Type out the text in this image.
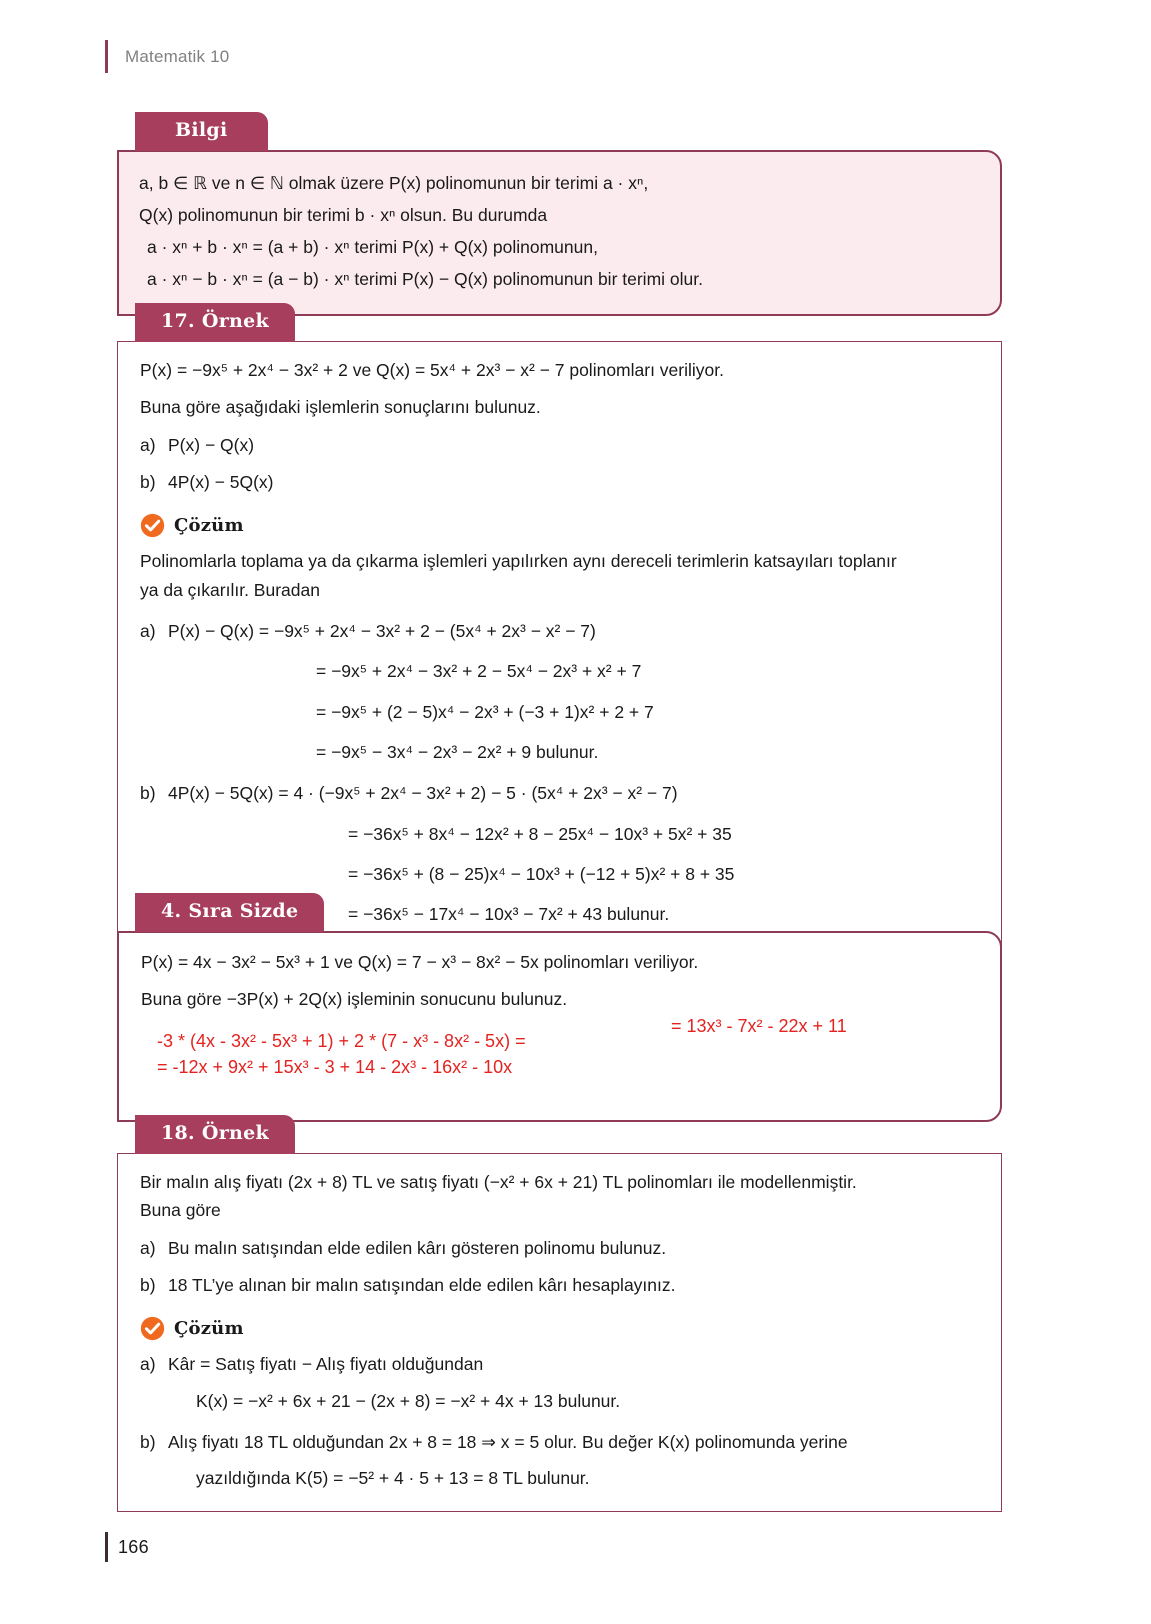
Matematik 10
Bilgi

a, b ∈ ℝ ve n ∈ ℕ olmak üzere P(x) polinomunun bir terimi a · xⁿ,

Q(x) polinomunun bir terimi b · xⁿ olsun. Bu durumda

a · xⁿ + b · xⁿ = (a + b) · xⁿ terimi P(x) + Q(x) polinomunun,

a · xⁿ − b · xⁿ = (a − b) · xⁿ terimi P(x) − Q(x) polinomunun bir terimi olur.

17. Örnek

P(x) = −9x⁵ + 2x⁴ − 3x² + 2 ve Q(x) = 5x⁴ + 2x³ − x² − 7 polinomları veriliyor.

Buna göre aşağıdaki işlemlerin sonuçlarını bulunuz.

a) P(x) − Q(x)
b) 4P(x) − 5Q(x)
Çözüm

Polinomlarla toplama ya da çıkarma işlemleri yapılırken aynı dereceli terimlerin katsayıları toplanır

ya da çıkarılır. Buradan

a) P(x) − Q(x) = −9x⁵ + 2x⁴ − 3x² + 2 − (5x⁴ + 2x³ − x² − 7)
= −9x⁵ + 2x⁴ − 3x² + 2 − 5x⁴ − 2x³ + x² + 7
= −9x⁵ + (2 − 5)x⁴ − 2x³ + (−3 + 1)x² + 2 + 7
= −9x⁵ − 3x⁴ − 2x³ − 2x² + 9 bulunur.
b) 4P(x) − 5Q(x) = 4 · (−9x⁵ + 2x⁴ − 3x² + 2) − 5 · (5x⁴ + 2x³ − x² − 7)
= −36x⁵ + 8x⁴ − 12x² + 8 − 25x⁴ − 10x³ + 5x² + 35
= −36x⁵ + (8 − 25)x⁴ − 10x³ + (−12 + 5)x² + 8 + 35
= −36x⁵ − 17x⁴ − 10x³ − 7x² + 43 bulunur.
4. Sıra Sizde

P(x) = 4x − 3x² − 5x³ + 1 ve Q(x) = 7 − x³ − 8x² − 5x polinomları veriliyor.

Buna göre −3P(x) + 2Q(x) işleminin sonucunu bulunuz.

-3 * (4x - 3x² - 5x³ + 1) + 2 * (7 - x³ - 8x² - 5x) =
= -12x + 9x² + 15x³ - 3 + 14 - 2x³ - 16x² - 10x
= 13x³ - 7x² - 22x + 11
18. Örnek

Bir malın alış fiyatı (2x + 8) TL ve satış fiyatı (−x² + 6x + 21) TL polinomları ile modellenmiştir.

Buna göre

a) Bu malın satışından elde edilen kârı gösteren polinomu bulunuz.
b) 18 TL’ye alınan bir malın satışından elde edilen kârı hesaplayınız.
Çözüm
a) Kâr = Satış fiyatı − Alış fiyatı olduğundan
K(x) = −x² + 6x + 21 − (2x + 8) = −x² + 4x + 13 bulunur.
b) Alış fiyatı 18 TL olduğundan 2x + 8 = 18 ⇒ x = 5 olur. Bu değer K(x) polinomunda yerine
yazıldığında K(5) = −5² + 4 · 5 + 13 = 8 TL bulunur.
166
